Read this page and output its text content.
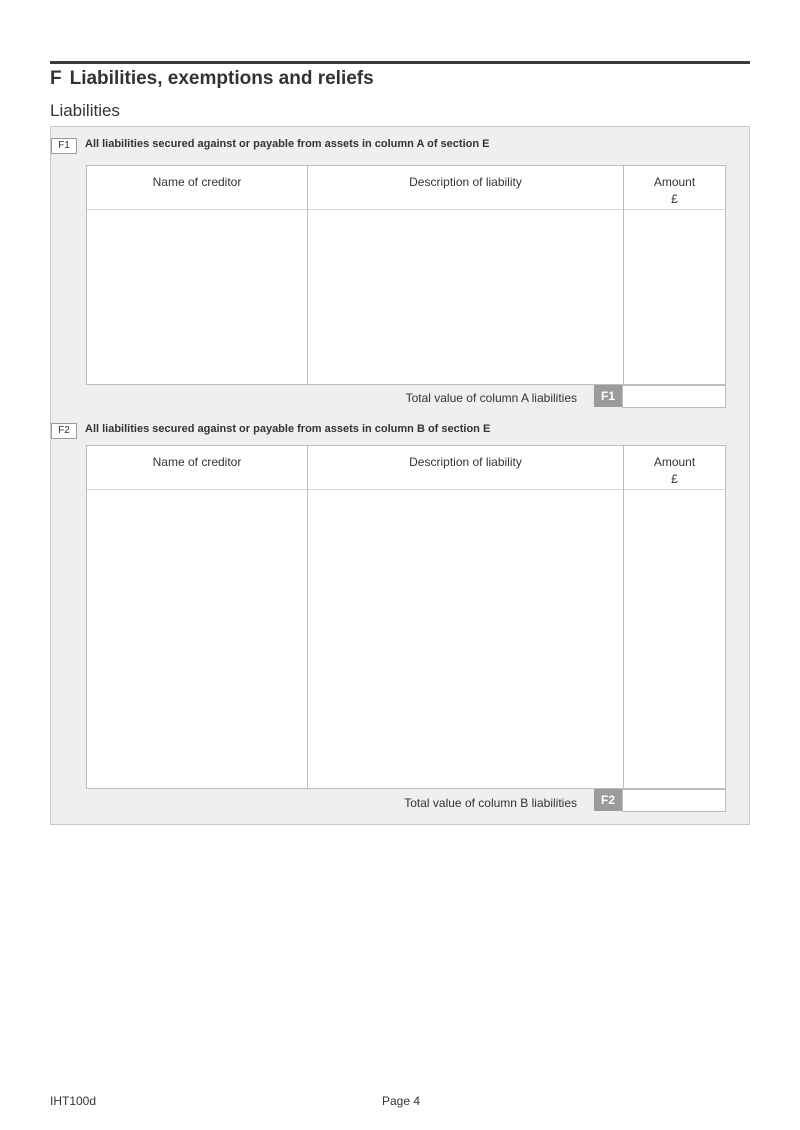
F Liabilities, exemptions and reliefs
Liabilities
F1	All liabilities secured against or payable from assets in column A of section E
Name of creditor	Description of liability	Amount
£
Total value of column A liabilities	F1
F2	All liabilities secured against or payable from assets in column B of section E
Name of creditor	Description of liability	Amount
£
Total value of column B liabilities	F2
IHT100d	Page 4
